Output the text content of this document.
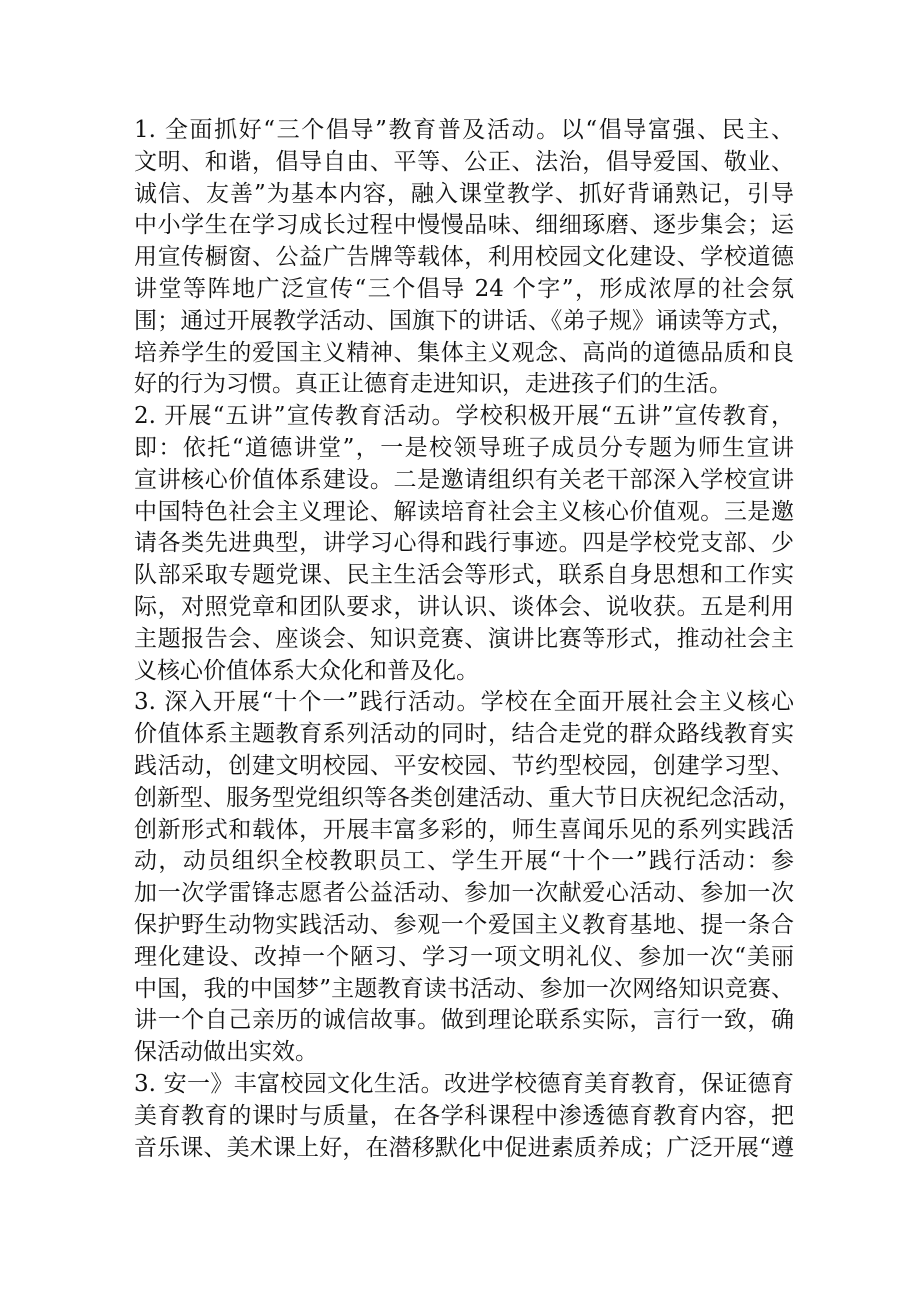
1. 全面抓好“三个倡导”教育普及活动。以“倡导富强、民主、
文明、和谐，倡导自由、平等、公正、法治，倡导爱国、敬业、
诚信、友善”为基本内容，融入课堂教学、抓好背诵熟记，引导
中小学生在学习成长过程中慢慢品味、细细琢磨、逐步集会；运
用宣传橱窗、公益广告牌等载体，利用校园文化建设、学校道德
讲堂等阵地广泛宣传“三个倡导 24 个字”，形成浓厚的社会氛
围；通过开展教学活动、国旗下的讲话、《弟子规》诵读等方式，
培养学生的爱国主义精神、集体主义观念、高尚的道德品质和良
好的行为习惯。真正让德育走进知识，走进孩子们的生活。
2. 开展“五讲”宣传教育活动。学校积极开展“五讲”宣传教育，
即：依托“道德讲堂”，一是校领导班子成员分专题为师生宣讲
宣讲核心价值体系建设。二是邀请组织有关老干部深入学校宣讲
中国特色社会主义理论、解读培育社会主义核心价值观。三是邀
请各类先进典型，讲学习心得和践行事迹。四是学校党支部、少
队部采取专题党课、民主生活会等形式，联系自身思想和工作实
际，对照党章和团队要求，讲认识、谈体会、说收获。五是利用
主题报告会、座谈会、知识竞赛、演讲比赛等形式，推动社会主
义核心价值体系大众化和普及化。
3. 深入开展“十个一”践行活动。学校在全面开展社会主义核心
价值体系主题教育系列活动的同时，结合走党的群众路线教育实
践活动，创建文明校园、平安校园、节约型校园，创建学习型、
创新型、服务型党组织等各类创建活动、重大节日庆祝纪念活动，
创新形式和载体，开展丰富多彩的，师生喜闻乐见的系列实践活
动，动员组织全校教职员工、学生开展“十个一”践行活动：参
加一次学雷锋志愿者公益活动、参加一次献爱心活动、参加一次
保护野生动物实践活动、参观一个爱国主义教育基地、提一条合
理化建设、改掉一个陋习、学习一项文明礼仪、参加一次“美丽
中国，我的中国梦”主题教育读书活动、参加一次网络知识竞赛、
讲一个自己亲历的诚信故事。做到理论联系实际，言行一致，确
保活动做出实效。
3. 安一》丰富校园文化生活。改进学校德育美育教育，保证德育
美育教育的课时与质量，在各学科课程中渗透德育教育内容，把
音乐课、美术课上好，在潜移默化中促进素质养成；广泛开展“遵
